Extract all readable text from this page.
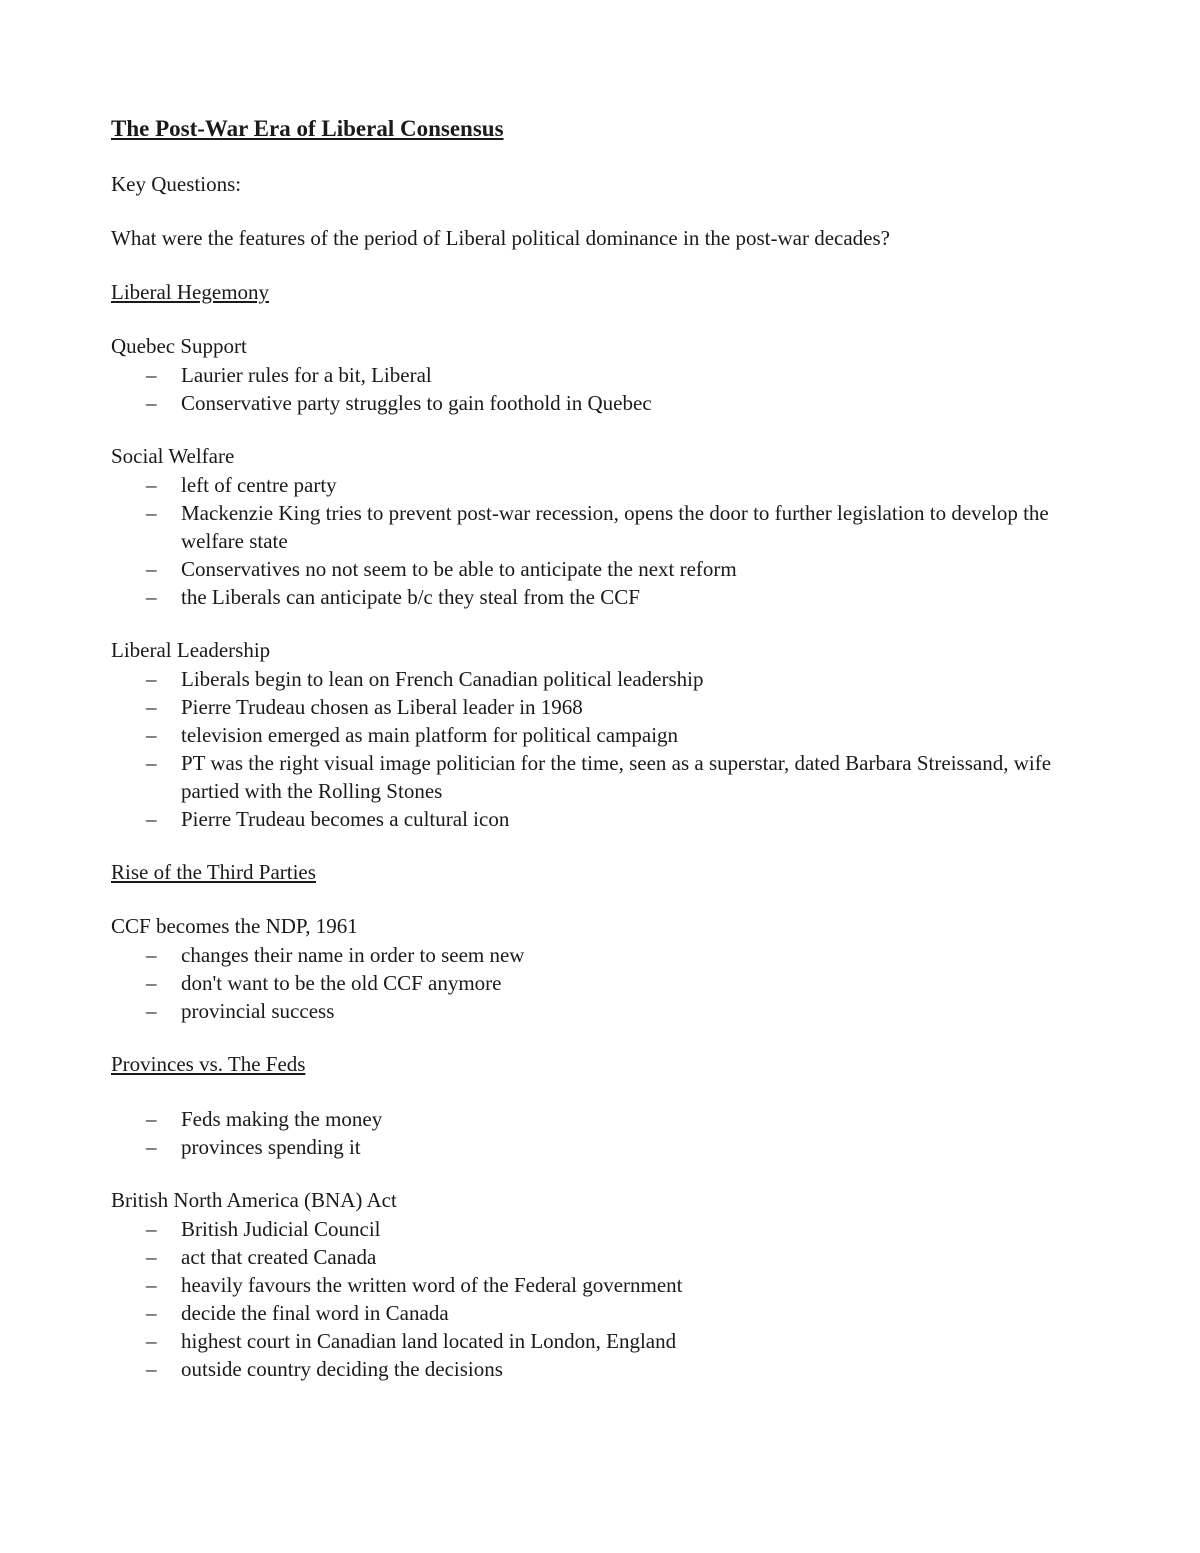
The Post-War Era of Liberal Consensus

Key Questions:

What were the features of the period of Liberal political dominance in the post-war decades?

Liberal Hegemony

Quebec Support

– Laurier rules for a bit, Liberal
– Conservative party struggles to gain foothold in Quebec

Social Welfare

– left of centre party
– Mackenzie King tries to prevent post-war recession, opens the door to further legislation to develop the welfare state
– Conservatives no not seem to be able to anticipate the next reform
– the Liberals can anticipate b/c they steal from the CCF

Liberal Leadership

– Liberals begin to lean on French Canadian political leadership
– Pierre Trudeau chosen as Liberal leader in 1968
– television emerged as main platform for political campaign
– PT was the right visual image politician for the time, seen as a superstar, dated Barbara Streissand, wife partied with the Rolling Stones
– Pierre Trudeau becomes a cultural icon

Rise of the Third Parties

CCF becomes the NDP, 1961

– changes their name in order to seem new
– don't want to be the old CCF anymore
– provincial success

Provinces vs. The Feds

– Feds making the money
– provinces spending it

British North America (BNA) Act

– British Judicial Council
– act that created Canada
– heavily favours the written word of the Federal government
– decide the final word in Canada
– highest court in Canadian land located in London, England
– outside country deciding the decisions
